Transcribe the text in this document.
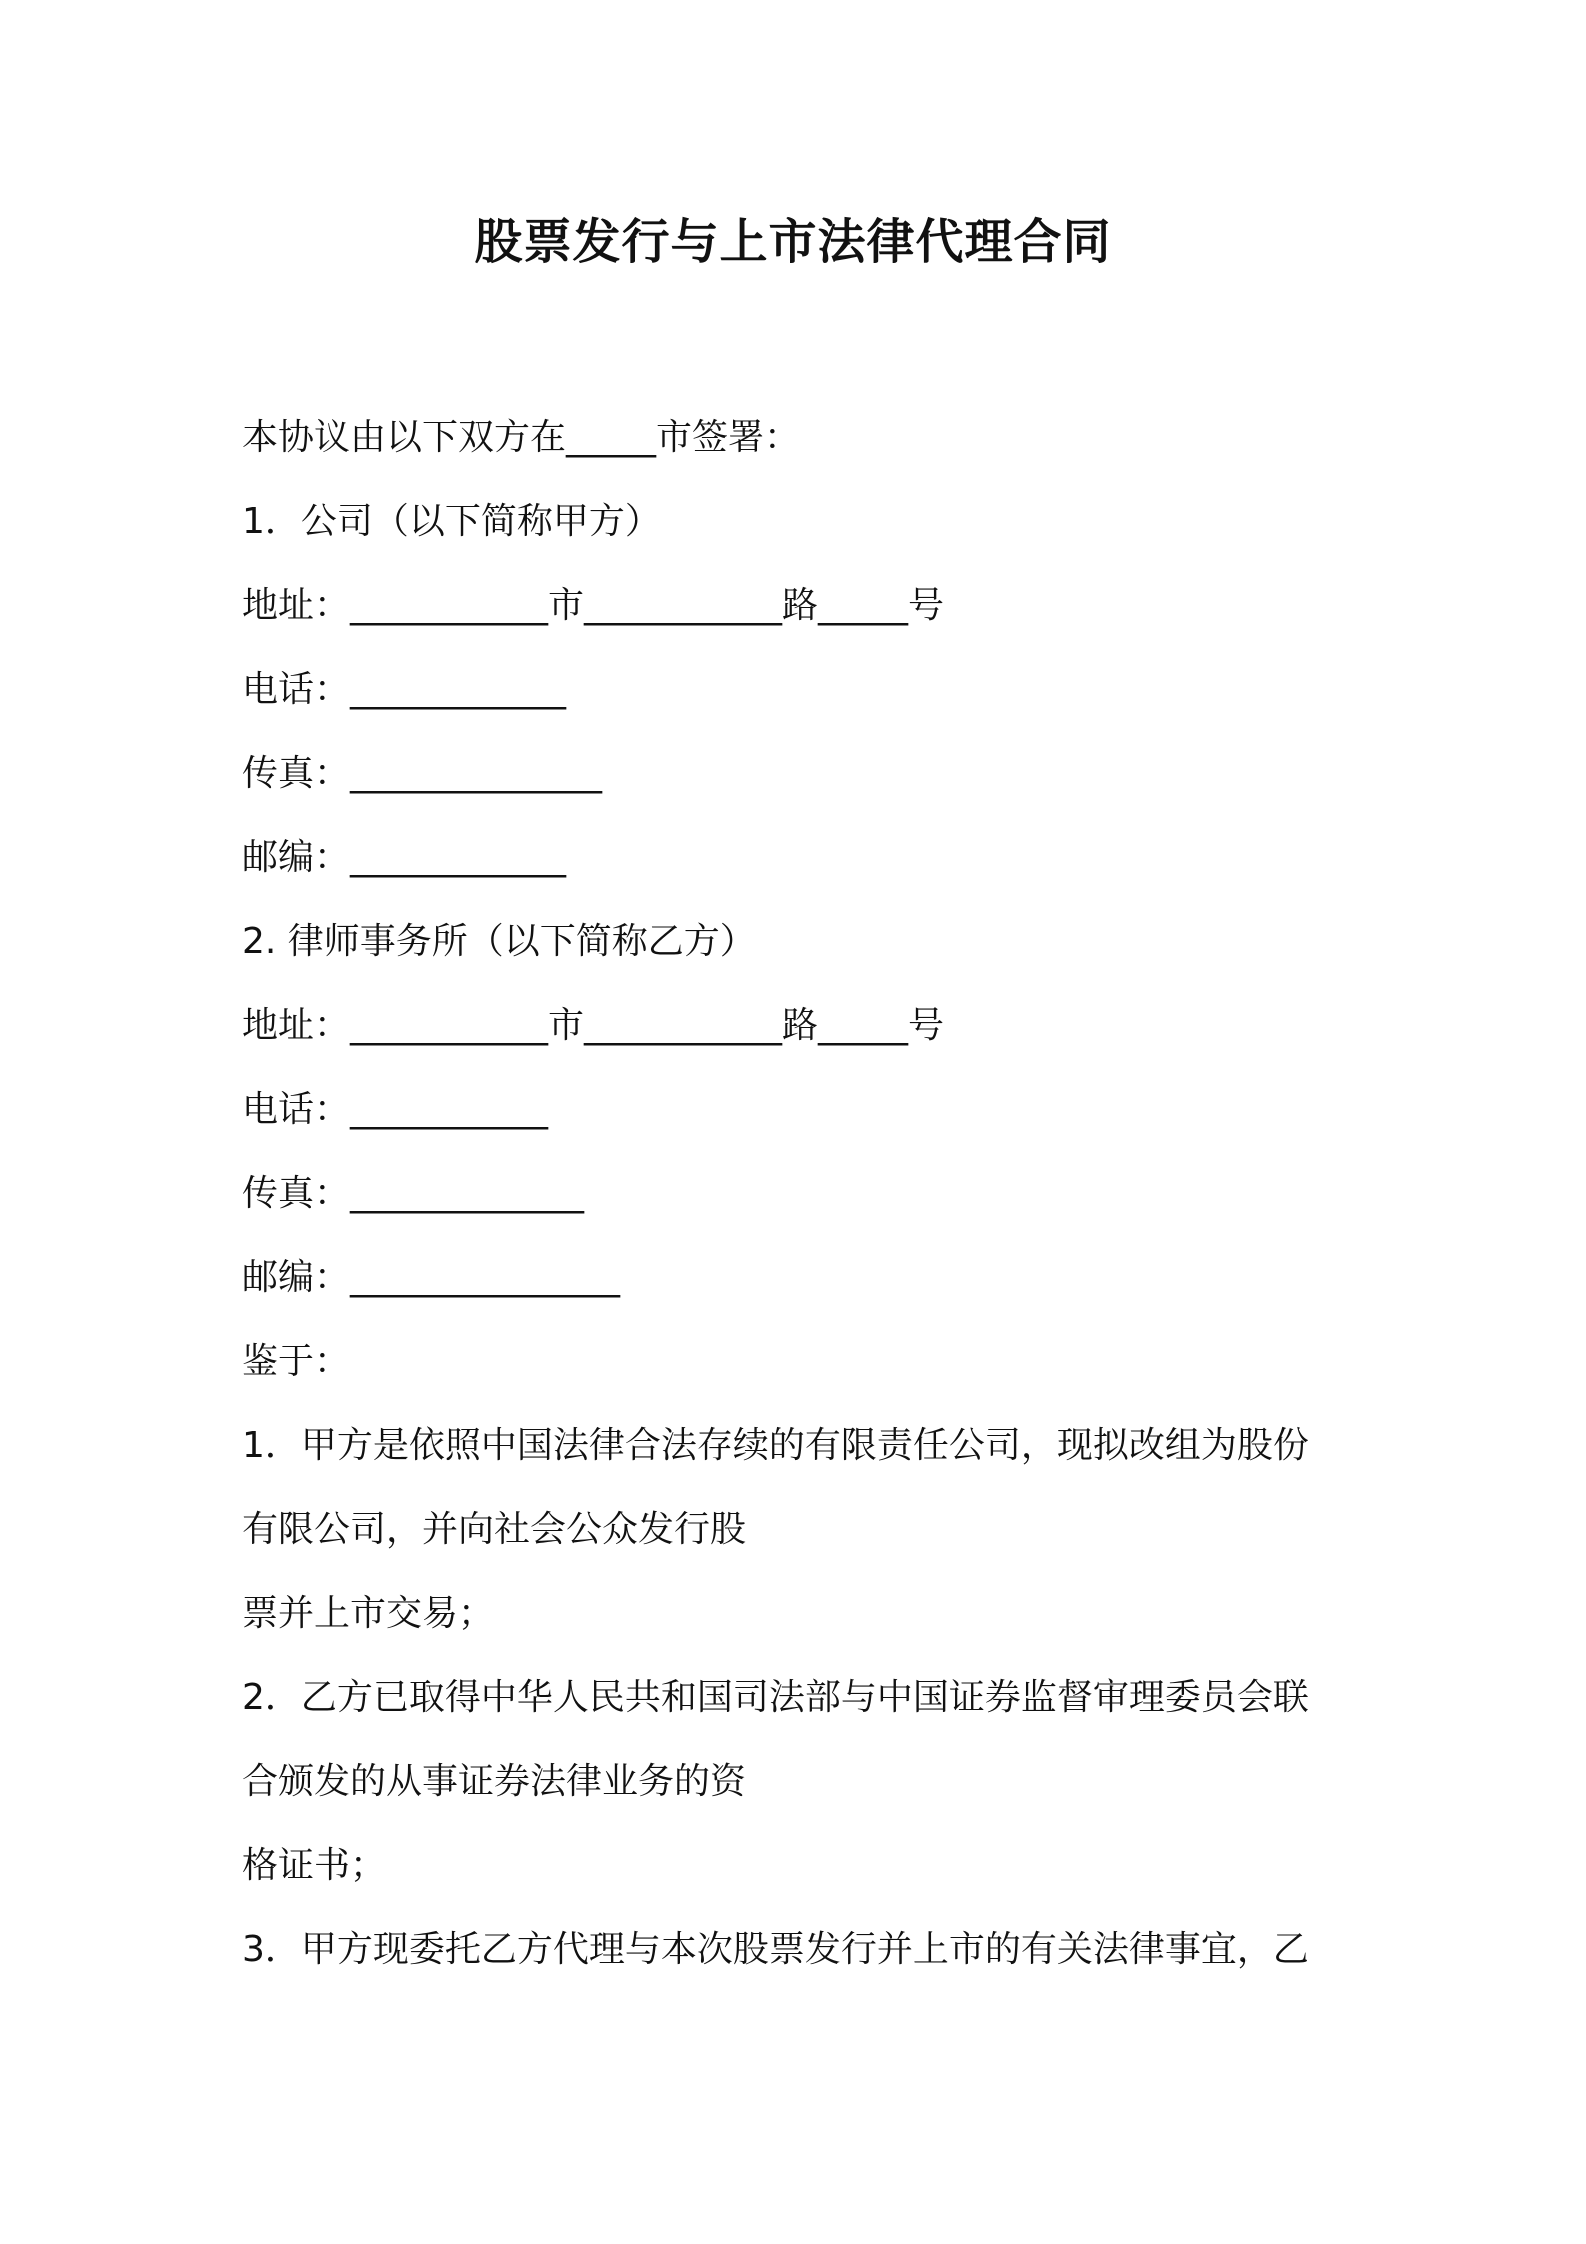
股票发行与上市法律代理合同
本协议由以下双方在_____市签署：
1．公司（以下简称甲方）
地址：___________市___________路_____号
电话：____________
传真：______________
邮编：____________
2. 律师事务所（以下简称乙方）
地址：___________市___________路_____号
电话：___________
传真：_____________
邮编：_______________
鉴于：
1．甲方是依照中国法律合法存续的有限责任公司，现拟改组为股份
有限公司，并向社会公众发行股
票并上市交易；
2．乙方已取得中华人民共和国司法部与中国证券监督审理委员会联
合颁发的从事证券法律业务的资
格证书；
3．甲方现委托乙方代理与本次股票发行并上市的有关法律事宜，乙
